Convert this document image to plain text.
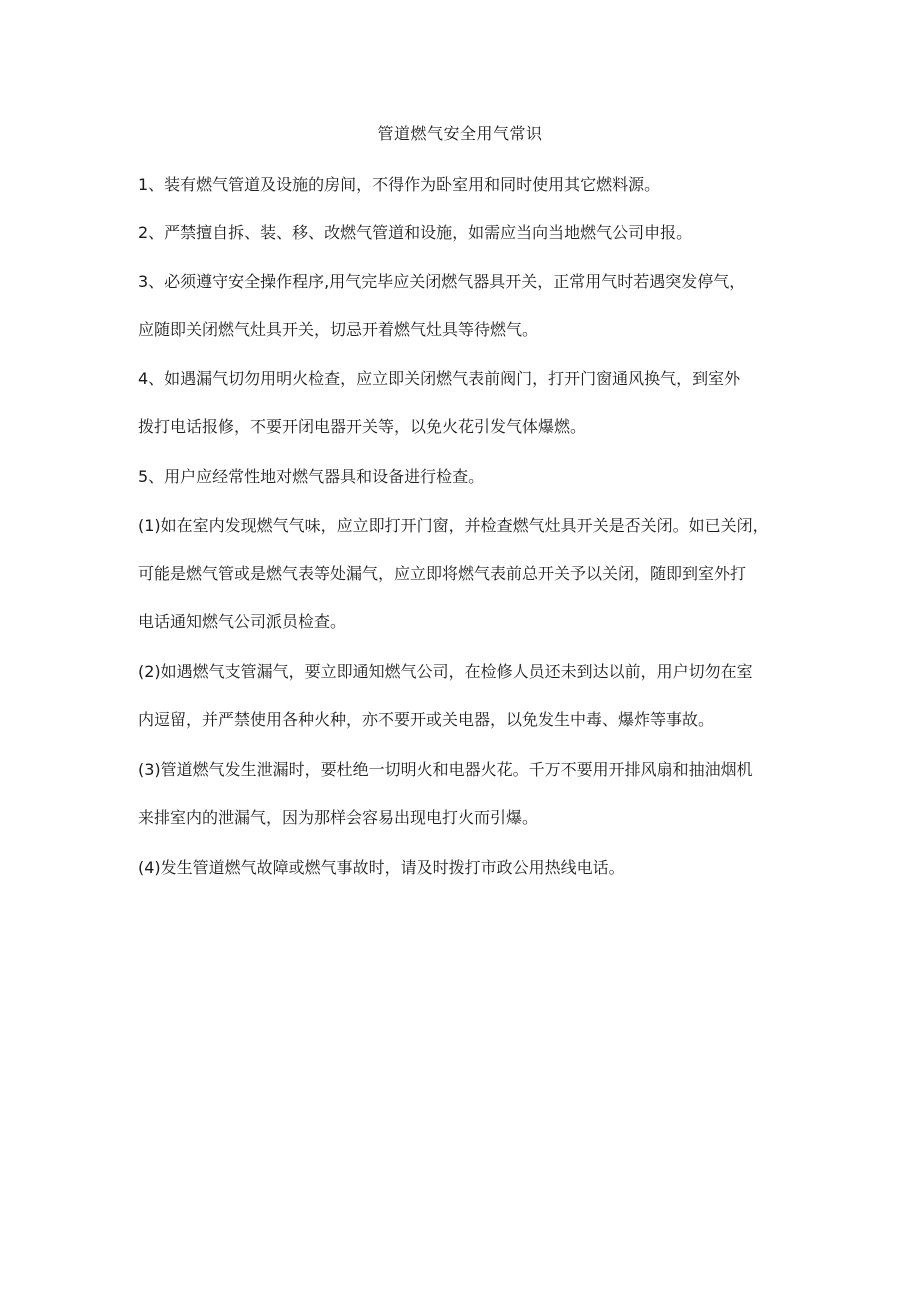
管道燃气安全用气常识
1、装有燃气管道及设施的房间，不得作为卧室用和同时使用其它燃料源。
2、严禁擅自拆、装、移、改燃气管道和设施，如需应当向当地燃气公司申报。
3、必须遵守安全操作程序,用气完毕应关闭燃气器具开关，正常用气时若遇突发停气，
应随即关闭燃气灶具开关，切忌开着燃气灶具等待燃气。
4、如遇漏气切勿用明火检查，应立即关闭燃气表前阀门，打开门窗通风换气，到室外
拨打电话报修，不要开闭电器开关等，以免火花引发气体爆燃。
5、用户应经常性地对燃气器具和设备进行检查。
(1)如在室内发现燃气气味，应立即打开门窗，并检查燃气灶具开关是否关闭。如已关闭，
可能是燃气管或是燃气表等处漏气，应立即将燃气表前总开关予以关闭，随即到室外打
电话通知燃气公司派员检查。
(2)如遇燃气支管漏气，要立即通知燃气公司，在检修人员还未到达以前，用户切勿在室
内逗留，并严禁使用各种火种，亦不要开或关电器，以免发生中毒、爆炸等事故。
(3)管道燃气发生泄漏时，要杜绝一切明火和电器火花。千万不要用开排风扇和抽油烟机
来排室内的泄漏气，因为那样会容易出现电打火而引爆。
(4)发生管道燃气故障或燃气事故时，请及时拨打市政公用热线电话。
